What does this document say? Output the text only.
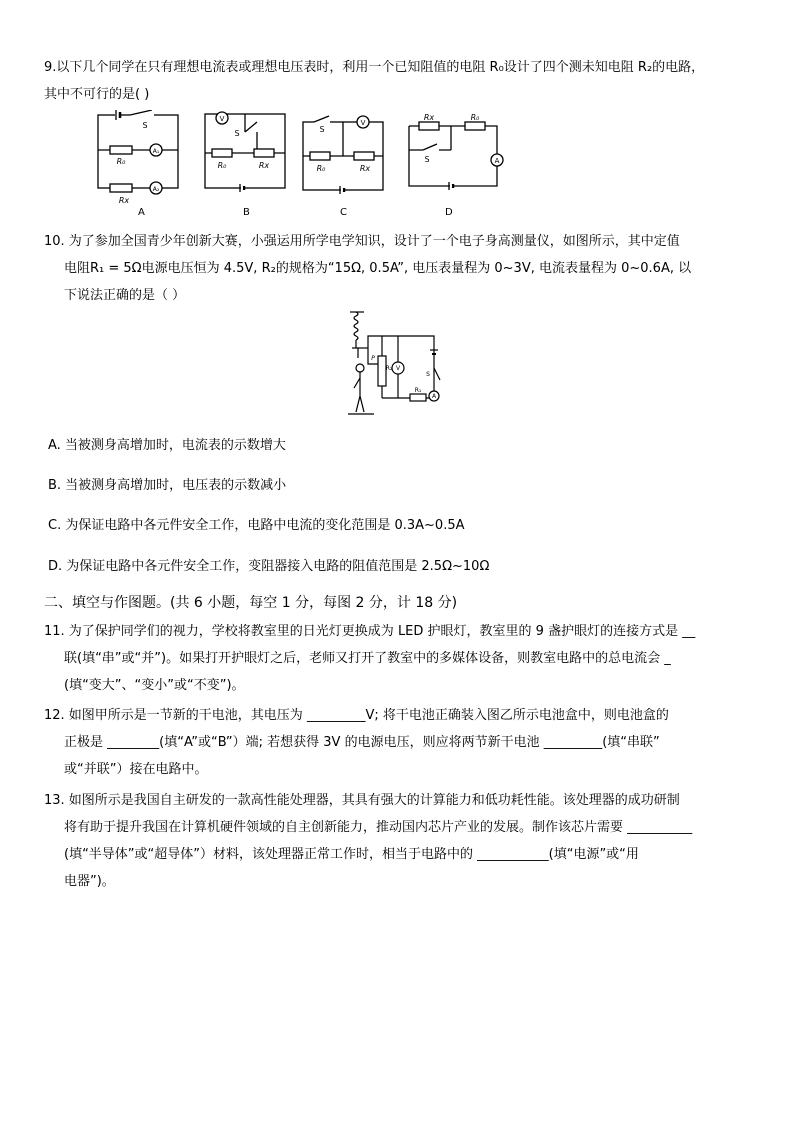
9.以下几个同学在只有理想电流表或理想电压表时，利用一个已知阻值的电阻 R₀设计了四个测未知电阻 R₂的电路，
其中不可行的是( )
S
R₀
A₁
Rx
A₂
A
V
S
R₀	Rx
B
S
V
R₀	Rx
C
Rx	R₀
S	A
D
10. 为了参加全国青少年创新大赛，小强运用所学电学知识，设计了一个电子身高测量仪，如图所示，其中定值
电阻R₁ = 5Ω电源电压恒为 4.5V, R₂的规格为“15Ω, 0.5A”, 电压表量程为 0~3V, 电流表量程为 0~0.6A, 以
下说法正确的是（ ）
P
R₂ V
S
R₁
A
A. 当被测身高增加时，电流表的示数增大
B. 当被测身高增加时，电压表的示数减小
C. 为保证电路中各元件安全工作，电路中电流的变化范围是 0.3A~0.5A
D. 为保证电路中各元件安全工作，变阻器接入电路的阻值范围是 2.5Ω~10Ω
二、填空与作图题。(共 6 小题，每空 1 分，每图 2 分，计 18 分)
11. 为了保护同学们的视力，学校将教室里的日光灯更换成为 LED 护眼灯，教室里的 9 盏护眼灯的连接方式是 __
联(填“串”或“并”)。如果打开护眼灯之后，老师又打开了教室中的多媒体设备，则教室电路中的总电流会 _
(填“变大”、“变小”或“不变”)。
12. 如图甲所示是一节新的干电池，其电压为 _________V; 将干电池正确装入图乙所示电池盒中，则电池盒的
正极是 ________(填“A”或“B”）端; 若想获得 3V 的电源电压，则应将两节新干电池 _________(填“串联”
或“并联”）接在电路中。
13. 如图所示是我国自主研发的一款高性能处理器，其具有强大的计算能力和低功耗性能。该处理器的成功研制
将有助于提升我国在计算机硬件领域的自主创新能力，推动国内芯片产业的发展。制作该芯片需要 __________
(填“半导体”或“超导体”）材料，该处理器正常工作时，相当于电路中的 ___________(填“电源”或“用
电器”)。
